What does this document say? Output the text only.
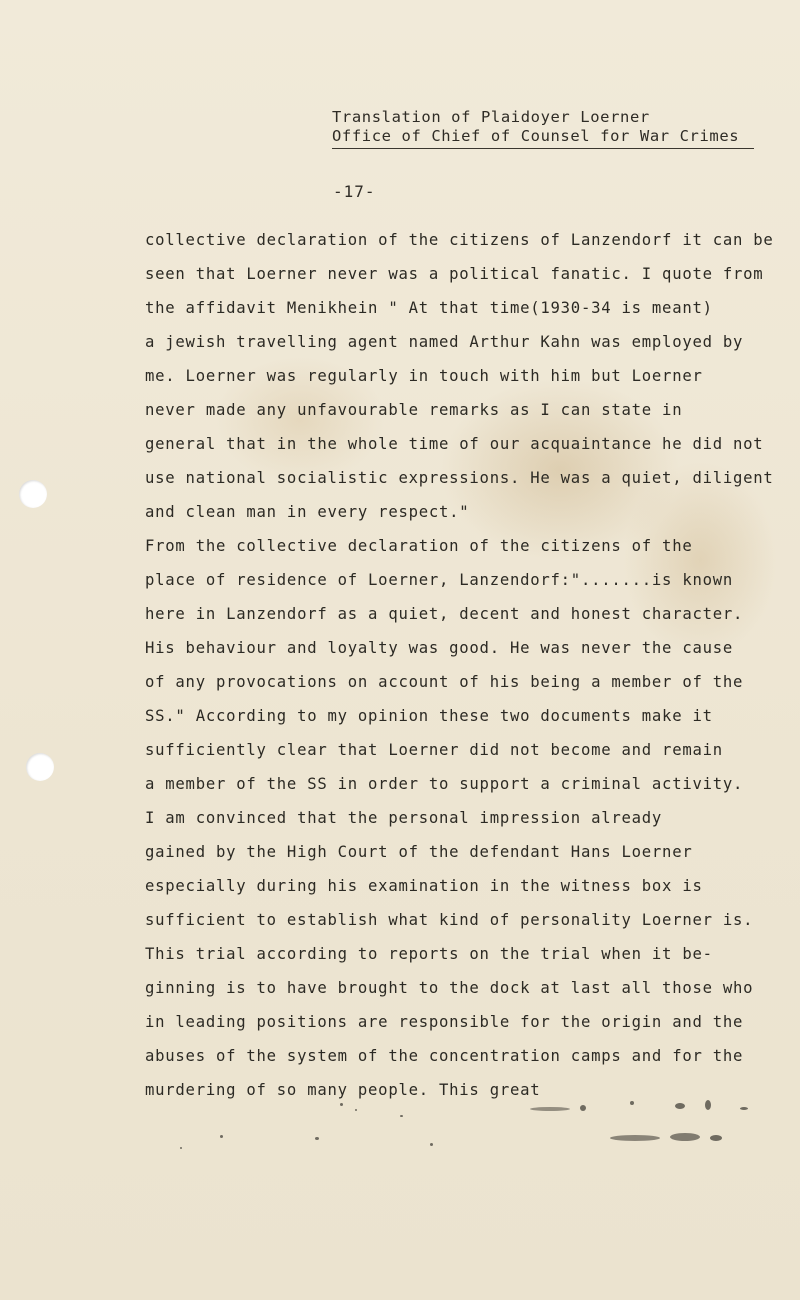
Translation of Plaidoyer Loerner
Office of Chief of Counsel for War Crimes
-17-
collective declaration of the citizens of Lanzendorf it can be
seen that Loerner never was a political fanatic. I quote from
the affidavit Menikhein " At that time(1930-34 is meant)
a jewish travelling agent named Arthur Kahn was employed by
me. Loerner was regularly in touch with him but Loerner
never made any unfavourable remarks as I can state in
general that in the whole time of our acquaintance he did not
use national socialistic expressions. He was a quiet, diligent
and clean man in every respect."
From the collective declaration of the citizens of the
place of residence of Loerner, Lanzendorf:".......is known
here in Lanzendorf as a quiet, decent and honest character.
His behaviour and loyalty was good. He was never the cause
of any provocations on account of his being a member of the
SS." According to my opinion these two documents make it
sufficiently clear that Loerner did not become and remain
a member of the SS in order to support a criminal activity.
I am convinced that the personal impression already
gained by the High Court of the defendant Hans Loerner
especially during his examination in the witness box is
sufficient to establish what kind of personality Loerner is.
This trial according to reports on the trial when it be-
ginning is to have brought to the dock at last all those who
in leading positions are responsible for the origin and the
abuses of the system of the concentration camps and for the
murdering of so many people. This great
